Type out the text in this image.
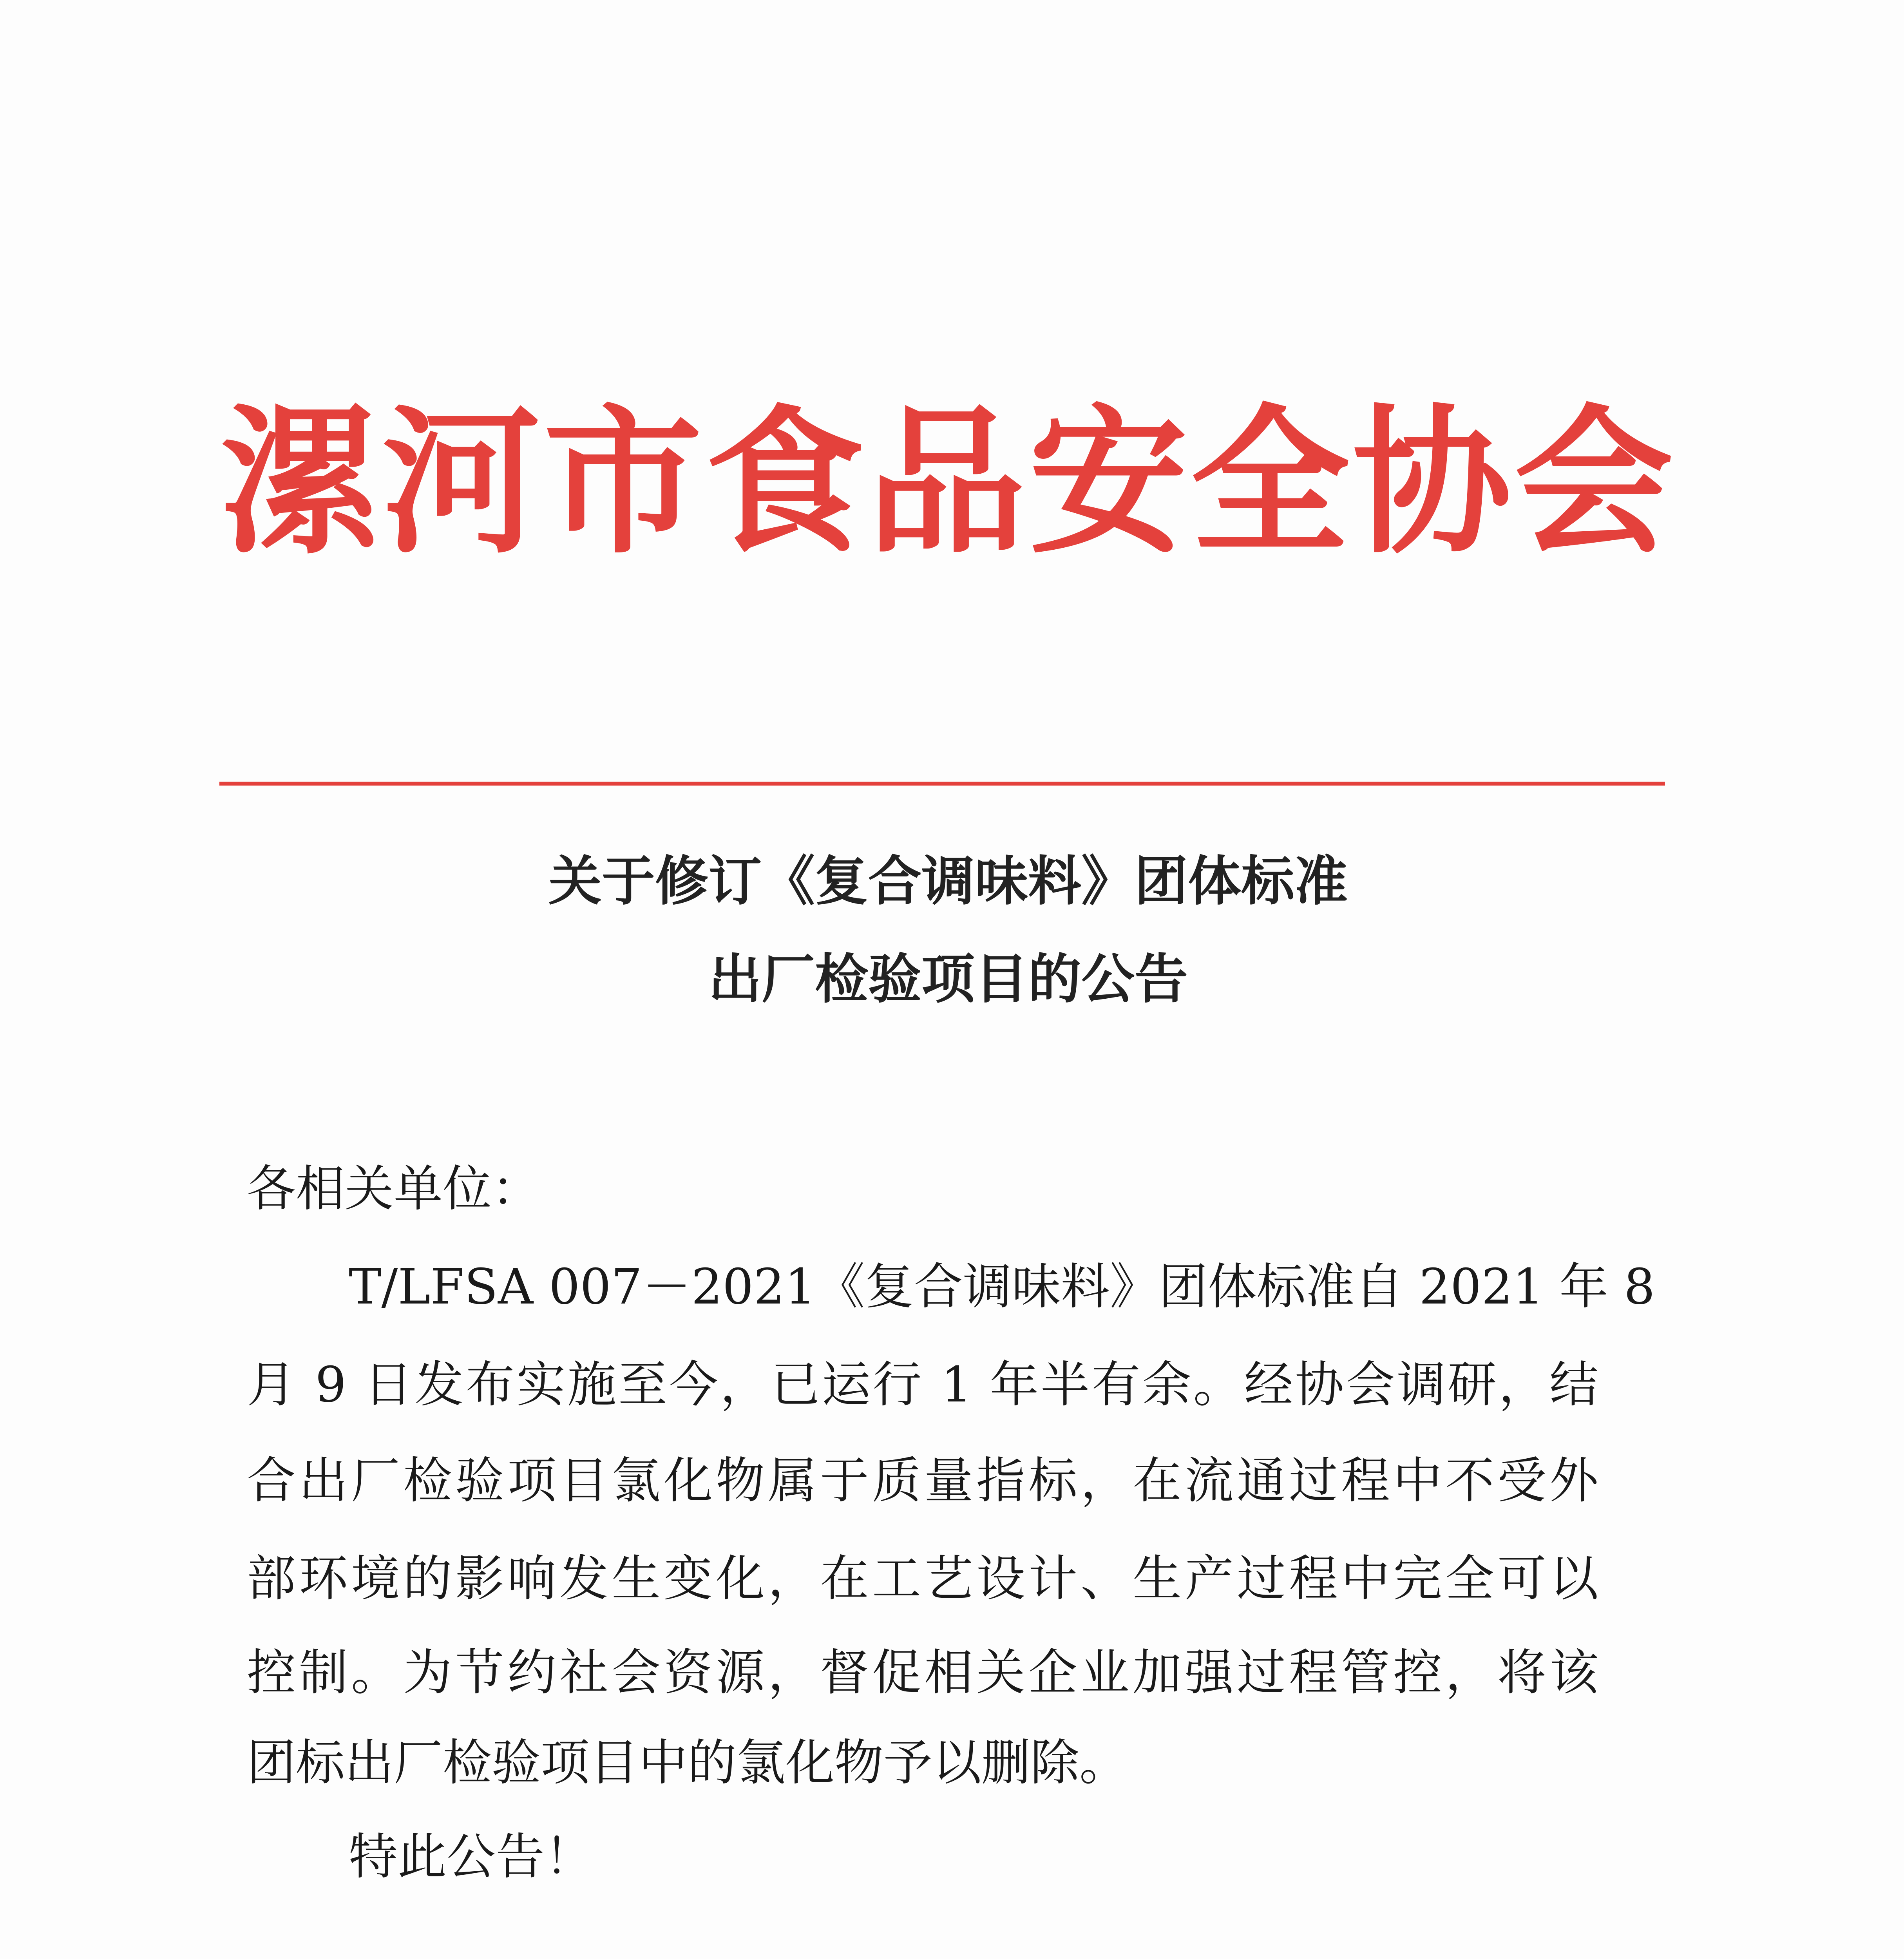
漯河市食品安全协会
关于修订《复合调味料》团体标准
出厂检验项目的公告

各相关单位：

T/LFSA 007－2021《复合调味料》团体标准自 2021 年 8

月 9 日发布实施至今，已运行 1 年半有余。经协会调研，结

合出厂检验项目氯化物属于质量指标，在流通过程中不受外

部环境的影响发生变化，在工艺设计、生产过程中完全可以

控制。为节约社会资源，督促相关企业加强过程管控，将该

团标出厂检验项目中的氯化物予以删除。

特此公告！
